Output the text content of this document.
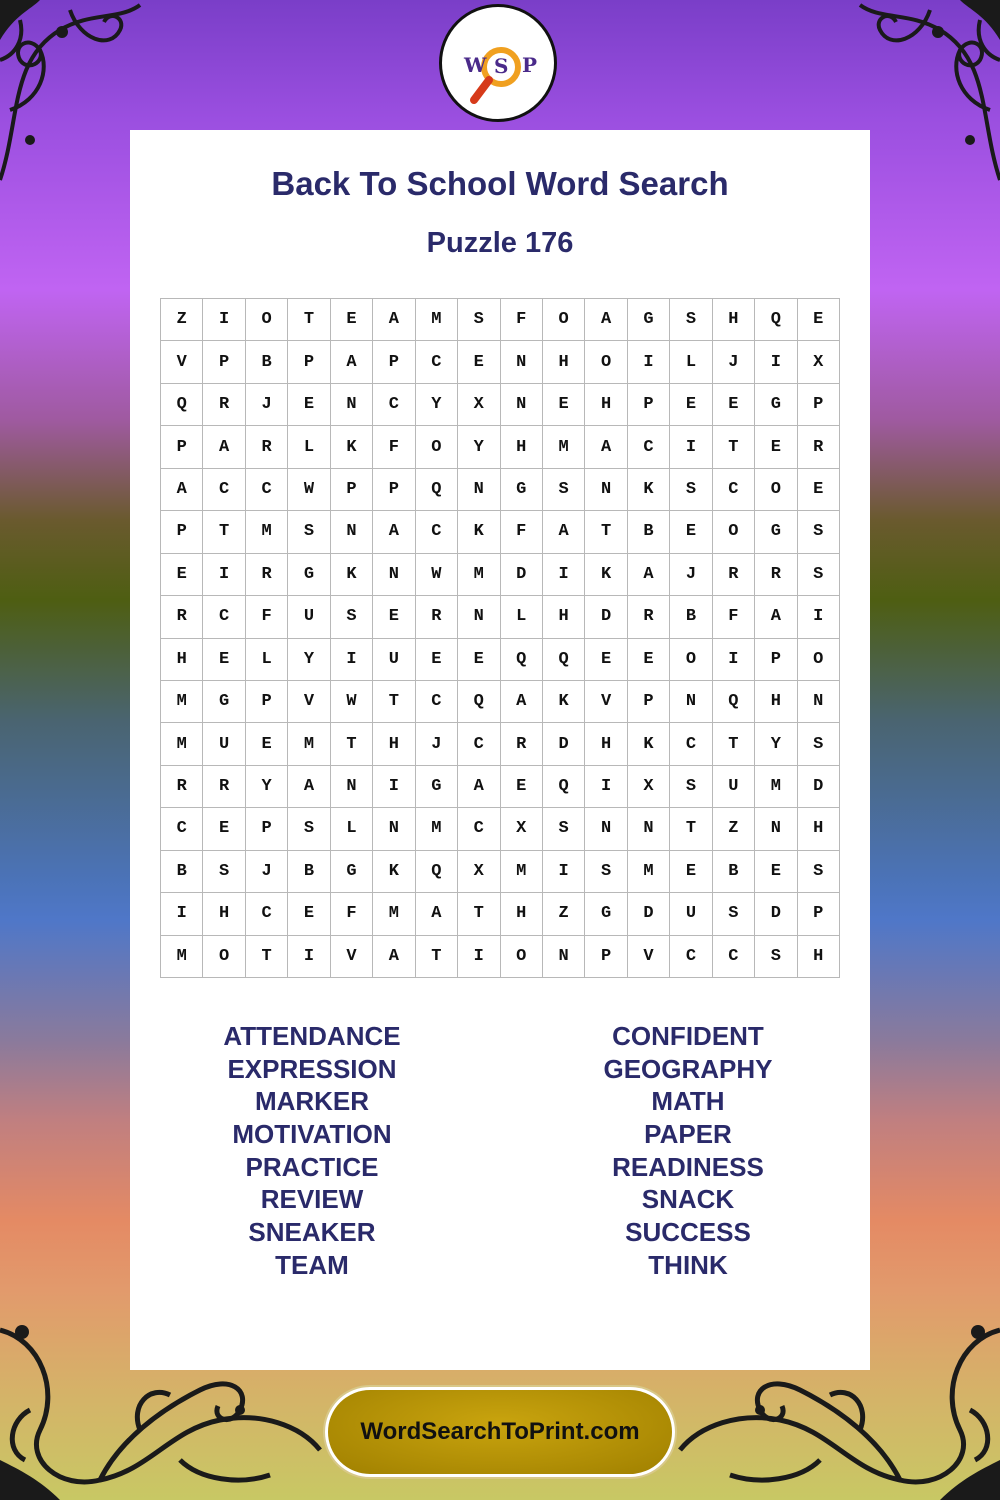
W S P
Back To School Word Search
Puzzle 176
Z	I	O	T	E	A	M	S	F	O	A	G	S	H	Q	E
V	P	B	P	A	P	C	E	N	H	O	I	L	J	I	X
Q	R	J	E	N	C	Y	X	N	E	H	P	E	E	G	P
P	A	R	L	K	F	O	Y	H	M	A	C	I	T	E	R
A	C	C	W	P	P	Q	N	G	S	N	K	S	C	O	E
P	T	M	S	N	A	C	K	F	A	T	B	E	O	G	S
E	I	R	G	K	N	W	M	D	I	K	A	J	R	R	S
R	C	F	U	S	E	R	N	L	H	D	R	B	F	A	I
H	E	L	Y	I	U	E	E	Q	Q	E	E	O	I	P	O
M	G	P	V	W	T	C	Q	A	K	V	P	N	Q	H	N
M	U	E	M	T	H	J	C	R	D	H	K	C	T	Y	S
R	R	Y	A	N	I	G	A	E	Q	I	X	S	U	M	D
C	E	P	S	L	N	M	C	X	S	N	N	T	Z	N	H
B	S	J	B	G	K	Q	X	M	I	S	M	E	B	E	S
I	H	C	E	F	M	A	T	H	Z	G	D	U	S	D	P
M	O	T	I	V	A	T	I	O	N	P	V	C	C	S	H
ATTENDANCE
EXPRESSION
MARKER
MOTIVATION
PRACTICE
REVIEW
SNEAKER
TEAM
CONFIDENT
GEOGRAPHY
MATH
PAPER
READINESS
SNACK
SUCCESS
THINK
WordSearchToPrint.com
